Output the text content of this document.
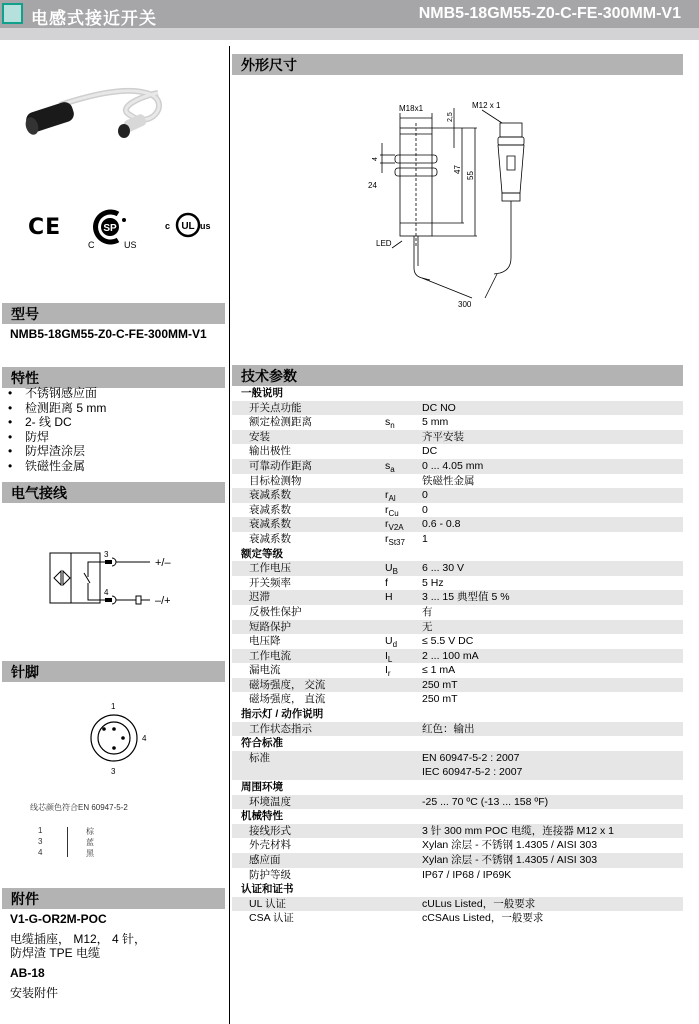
电感式接近开关	NMB5-18GM55-Z0-C-FE-300MM-V1
CE	SP
C	US
c UL us
型号
NMB5-18GM55-Z0-C-FE-300MM-V1
特性
• 不锈钢感应面
• 检测距离 5 mm
• 2- 线 DC
• 防焊
• 防焊渣涂层
• 铁磁性金属
电气接线
3
4
+/–
–/+
针脚
1
4
3
线芯颜色符合EN 60947-5-2
1	棕
3	蓝
4	黑
附件
V1-G-OR2M-POC
电缆插座， M12， 4 针，
防焊渣 TPE 电缆
AB-18
安装附件
外形尺寸
M18x1	M12 x 1
2,5
4
24
47
55
LED
300
技术参数
一般说明
开关点功能	DC NO
额定检测距离	$s_n$	5 mm
安装	齐平安装
输出极性	DC
可靠动作距离	$s_a$	0 ... 4.05 mm
目标检测物	铁磁性金属
衰减系数	$r_{Al}$	0
衰减系数	$r_{Cu}$ 0
衰减系数	$r_{V2A}$ 0.6 - 0.8
衰减系数	$r_{St37}$ 1
额定等级
工作电压	$U_B$ 6 ... 30 V
开关频率	f	5 Hz
迟滞	H	3 ... 15 典型值 5 %
反极性保护	有
短路保护	无
电压降	$U_d \le 5.5$ V DC
工作电流	$I_L$	2 ... 100 mA
漏电流	$I_r$	≤ 1 mA
磁场强度， 交流	250 mT
磁场强度， 直流	250 mT
指示灯 / 动作说明
工作状态指示	红色：输出
符合标准
标准	EN 60947-5-2 : 2007
IEC 60947-5-2 : 2007
周围环境
环境温度	-25 ... 70 ºC (-13 ... 158 ºF)
机械特性
接线形式	3 针 300 mm POC 电缆，连接器 M12 x 1
外壳材料	Xylan 涂层 - 不锈钢 1.4305 / AISI 303
感应面	Xylan 涂层 - 不锈钢 1.4305 / AISI 303
防护等级	IP67 / IP68 / IP69K
认证和证书
UL 认证	cULus Listed，一般要求
CSA 认证	cCSAus Listed，一般要求
